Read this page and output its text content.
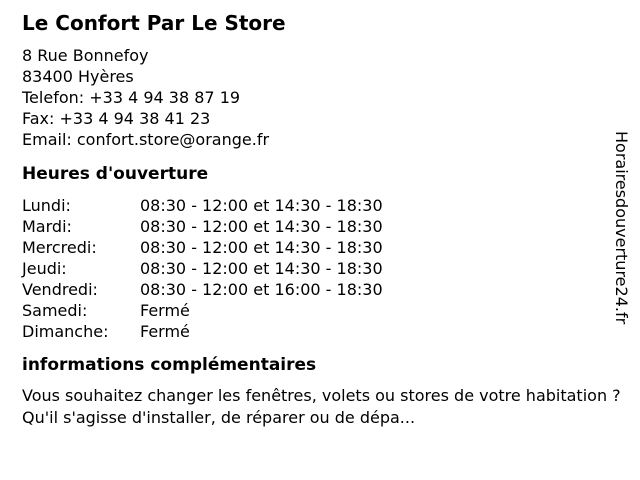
Le Confort Par Le Store
8 Rue Bonnefoy
83400 Hyères
Telefon: +33 4 94 38 87 19
Fax: +33 4 94 38 41 23
Email: confort.store@orange.fr
Heures d'ouverture
Lundi:	08:30 - 12:00 et 14:30 - 18:30
Mardi:	08:30 - 12:00 et 14:30 - 18:30
Mercredi:	08:30 - 12:00 et 14:30 - 18:30
Jeudi:	08:30 - 12:00 et 14:30 - 18:30
Vendredi:	08:30 - 12:00 et 16:00 - 18:30
Samedi:	Fermé
Dimanche:	Fermé
informations complémentaires
Vous souhaitez changer les fenêtres, volets ou stores de votre habitation ? Qu'il s'agisse d'installer, de réparer ou de dépa...
Horairesdouverture24.fr
